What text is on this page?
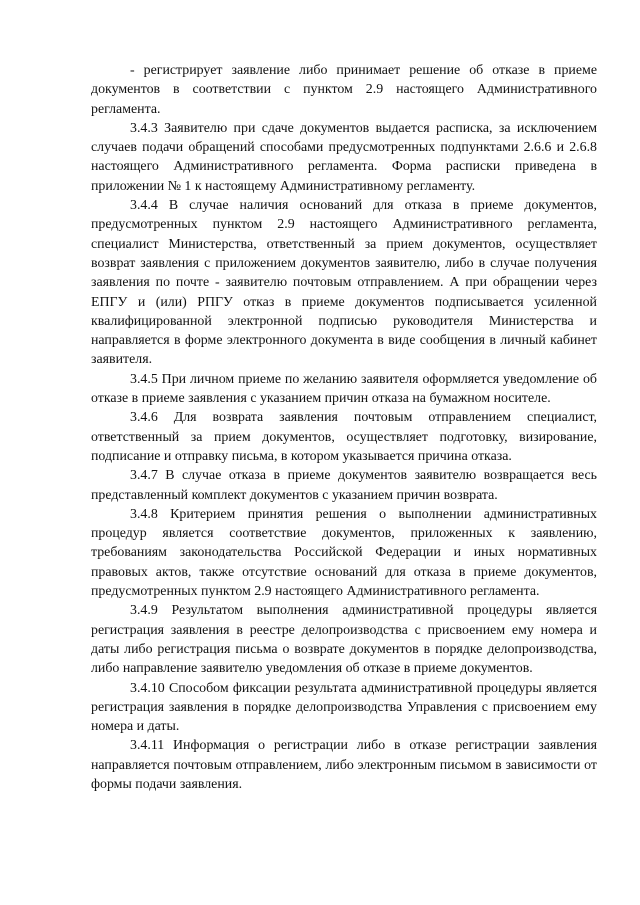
- регистрирует заявление либо принимает решение об отказе в приеме документов в соответствии с пунктом 2.9 настоящего Административного регламента.

3.4.3 Заявителю при сдаче документов выдается расписка, за исключением случаев подачи обращений способами предусмотренных подпунктами 2.6.6 и 2.6.8 настоящего Административного регламента. Форма расписки приведена в приложении № 1 к настоящему Административному регламенту.

3.4.4 В случае наличия оснований для отказа в приеме документов, предусмотренных пунктом 2.9 настоящего Административного регламента, специалист Министерства, ответственный за прием документов, осуществляет возврат заявления с приложением документов заявителю, либо в случае получения заявления по почте - заявителю почтовым отправлением. А при обращении через ЕПГУ и (или) РПГУ отказ в приеме документов подписывается усиленной квалифицированной электронной подписью руководителя Министерства и направляется в форме электронного документа в виде сообщения в личный кабинет заявителя.

3.4.5 При личном приеме по желанию заявителя оформляется уведомление об отказе в приеме заявления с указанием причин отказа на бумажном носителе.

3.4.6 Для возврата заявления почтовым отправлением специалист, ответственный за прием документов, осуществляет подготовку, визирование, подписание и отправку письма, в котором указывается причина отказа.

3.4.7 В случае отказа в приеме документов заявителю возвращается весь представленный комплект документов с указанием причин возврата.

3.4.8 Критерием принятия решения о выполнении административных процедур является соответствие документов, приложенных к заявлению, требованиям законодательства Российской Федерации и иных нормативных правовых актов, также отсутствие оснований для отказа в приеме документов, предусмотренных пунктом 2.9 настоящего Административного регламента.

3.4.9 Результатом выполнения административной процедуры является регистрация заявления в реестре делопроизводства с присвоением ему номера и даты либо регистрация письма о возврате документов в порядке делопроизводства, либо направление заявителю уведомления об отказе в приеме документов.

3.4.10 Способом фиксации результата административной процедуры является регистрация заявления в порядке делопроизводства Управления с присвоением ему номера и даты.

3.4.11 Информация о регистрации либо в отказе регистрации заявления направляется почтовым отправлением, либо электронным письмом в зависимости от формы подачи заявления.
